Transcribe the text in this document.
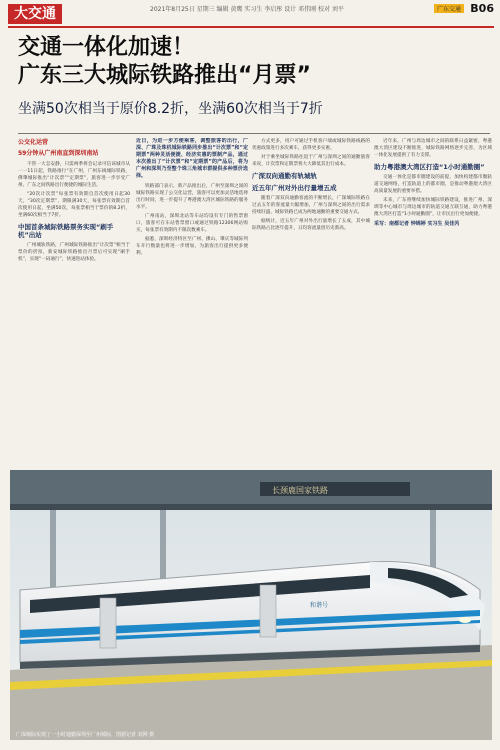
大交通	2021年8月25日 星期三 编辑 黄鹰 实习生 李启彤 设计 邓伟刚 校对 刘平	广东交通 B06
交通一体化加速！
广东三大城际铁路推出“月票”
坐满50次相当于原价8.2折，坐满60次相当于7折
公交化运营
59分钟从广州南直到深圳南站

不管一大怎安静，只需两季将会记录可信该城市从一一11日起，铁路推行“在广州，广州东线城际铁路，佛肇城际推出“计次票”“定期票”，旅客进一步享受广州、广东之间铁路出行便捷的城际生活。

“20次计次票”每张票有效期自首次使用日起30天，“30次定期票”，期限满30天，每张票有效期自首次使用日起，坐满50次，每张票相当于票价的8.2折，坐满60次相当于7折。

中国首条城际铁路票务实现“刷手机”出站

广州城轨铁路，广州城际铁路推出“计次票”相当于票价的折扣，新安城际铁路推出月票后可实现“刷手机”，实现“一码通行”，快速进站体验。

近日，为进一步方便乘客，调整旅客的出行，广深、广珠及珠机城际铁路同步推出“计次票”和“定期票”两种灵活便捷、经济实惠的票制产品，通过本次推出了“计次票”和“定期票”的产品后，将为广州和深圳乃至整个珠三角城市群提供多种票价选择。

铁路部门表示，新产品推出后，广州至深圳之间的城际铁路实现了公交化运营，旅客可以更加灵活地选择出行时间，进一步提升了粤港澳大湾区城际铁路的服务水平。

广州南站，深圳北站等车站均设有专门的售票窗口，旅客可在车站售票窗口或通过铁路12306网站购买，每张票有效期内不限次数乘车。

据悉，深圳经济特区至广州、佛山、肇庆等城际列车开行数量也将进一步增加，为旅客出行提供更多便利。

方式更多，用户可通过手机客户端或城际铁路线路的优惠政策进行多次乘车，获得更多实惠。

对于乘坐城际铁路往返于广州与深圳之间的通勤旅客来说，计次票和定期票将大大降低其出行成本。

广深双向通勤有轨城轨
近五年广州对外出行量增五成

随着广深双向通勤客流的不断增长，广深城际铁路在过去五年的客流量大幅增加，广州与深圳之间的出行需求持续旺盛，城际铁路已成为两地通勤的重要交通方式。

据统计，近五年广州对外出行量增长了五成，其中城际铁路占比逐年提升，日均客流量创历史新高。

近年来，广州与周边城市之间的联系日益紧密，粤港澳大湾区建设不断推进，城际铁路网络逐步完善，为区域一体化发展提供了有力支撑。

助力粤港澳大湾区打造“1小时通勤圈”

交通一体化是都市圈建设的前提，加快构建都市圈轨道交通网络，打造轨道上的都市圈，是推动粤港澳大湾区高质量发展的重要举措。

未来，广东将继续加快城际铁路建设，推进广州、深圳等中心城市与周边城市的轨道交通互联互通，助力粤港澳大湾区打造“1小时通勤圈”，让市民出行更加便捷。

采写：南都记者 钟锦婷 实习生 吴佳芮
长颈鹿国家铁路
和谐号
广深城际实现了一小时通勤深圳至广州城际，图据记者 刘网 摄
